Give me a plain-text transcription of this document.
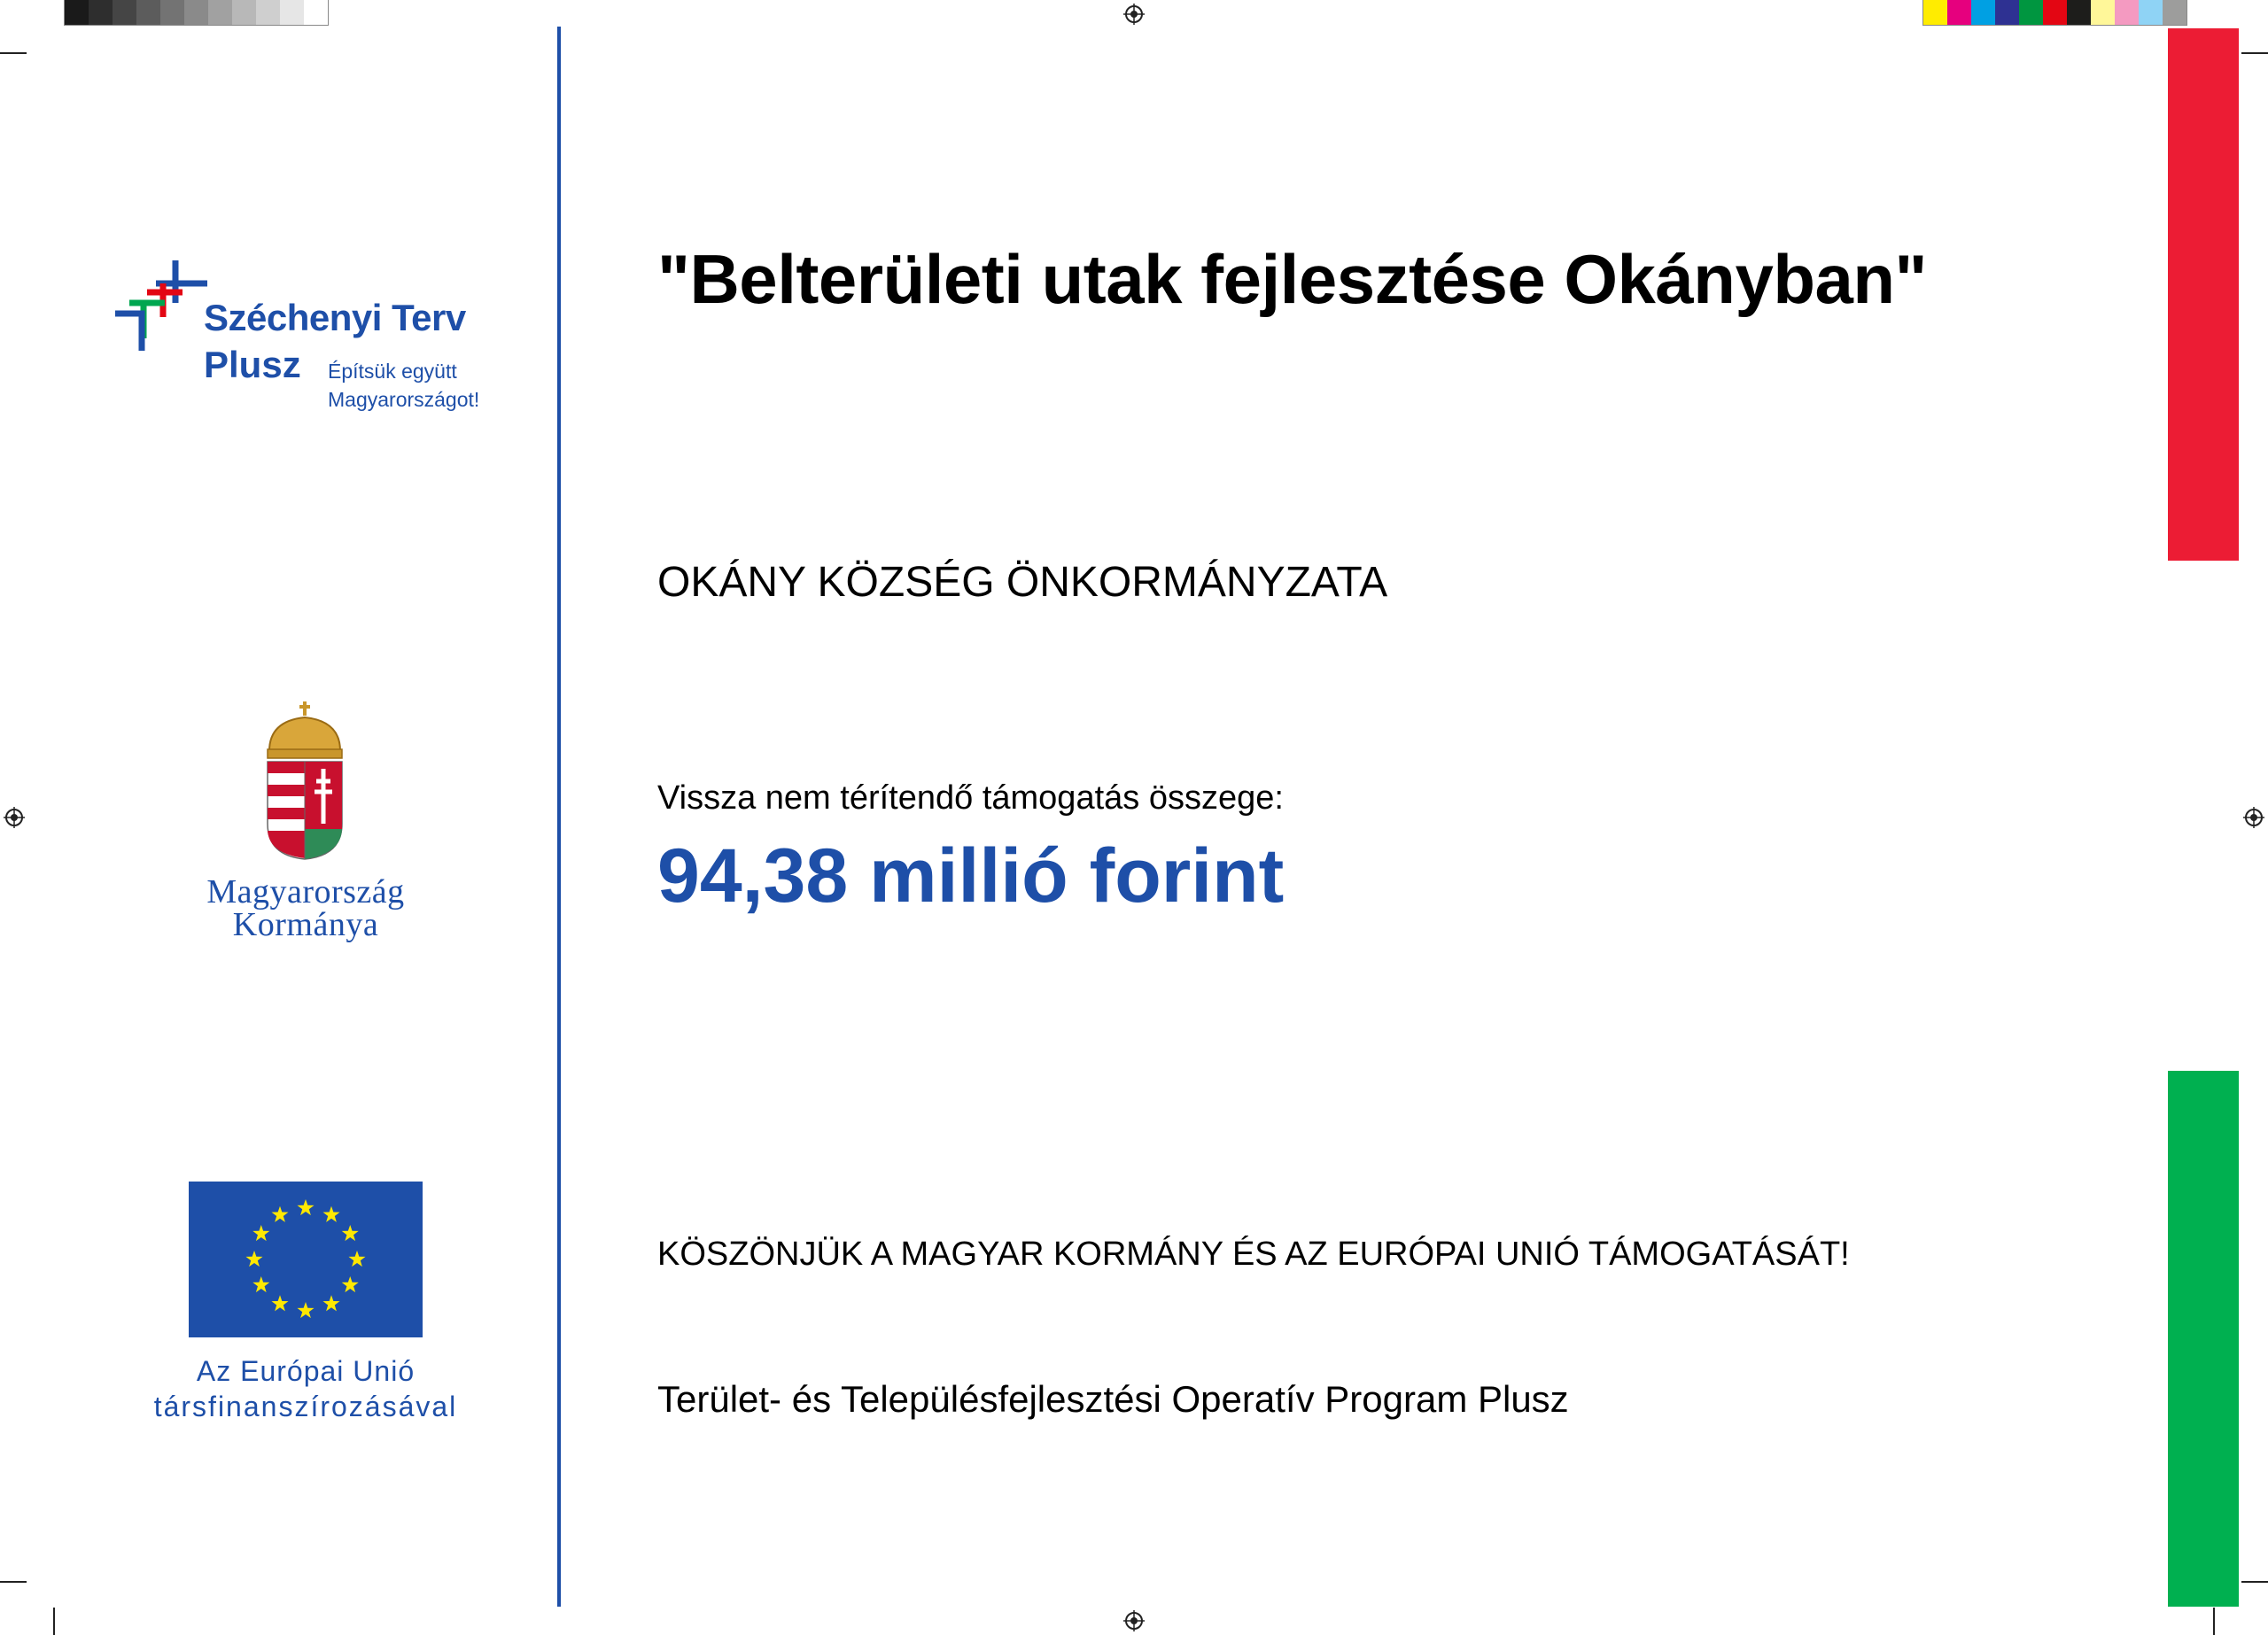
Széchenyi Terv
Plusz Építsük együtt
Magyarországot!
Magyarország
Kormánya
Az Európai Unió
társfinanszírozásával
"Belterületi utak fejlesztése Okányban"
OKÁNY KÖZSÉG ÖNKORMÁNYZATA
Vissza nem térítendő támogatás összege:
94,38 millió forint
KÖSZÖNJÜK A MAGYAR KORMÁNY ÉS AZ EURÓPAI UNIÓ TÁMOGATÁSÁT!
Terület- és Településfejlesztési Operatív Program Plusz
